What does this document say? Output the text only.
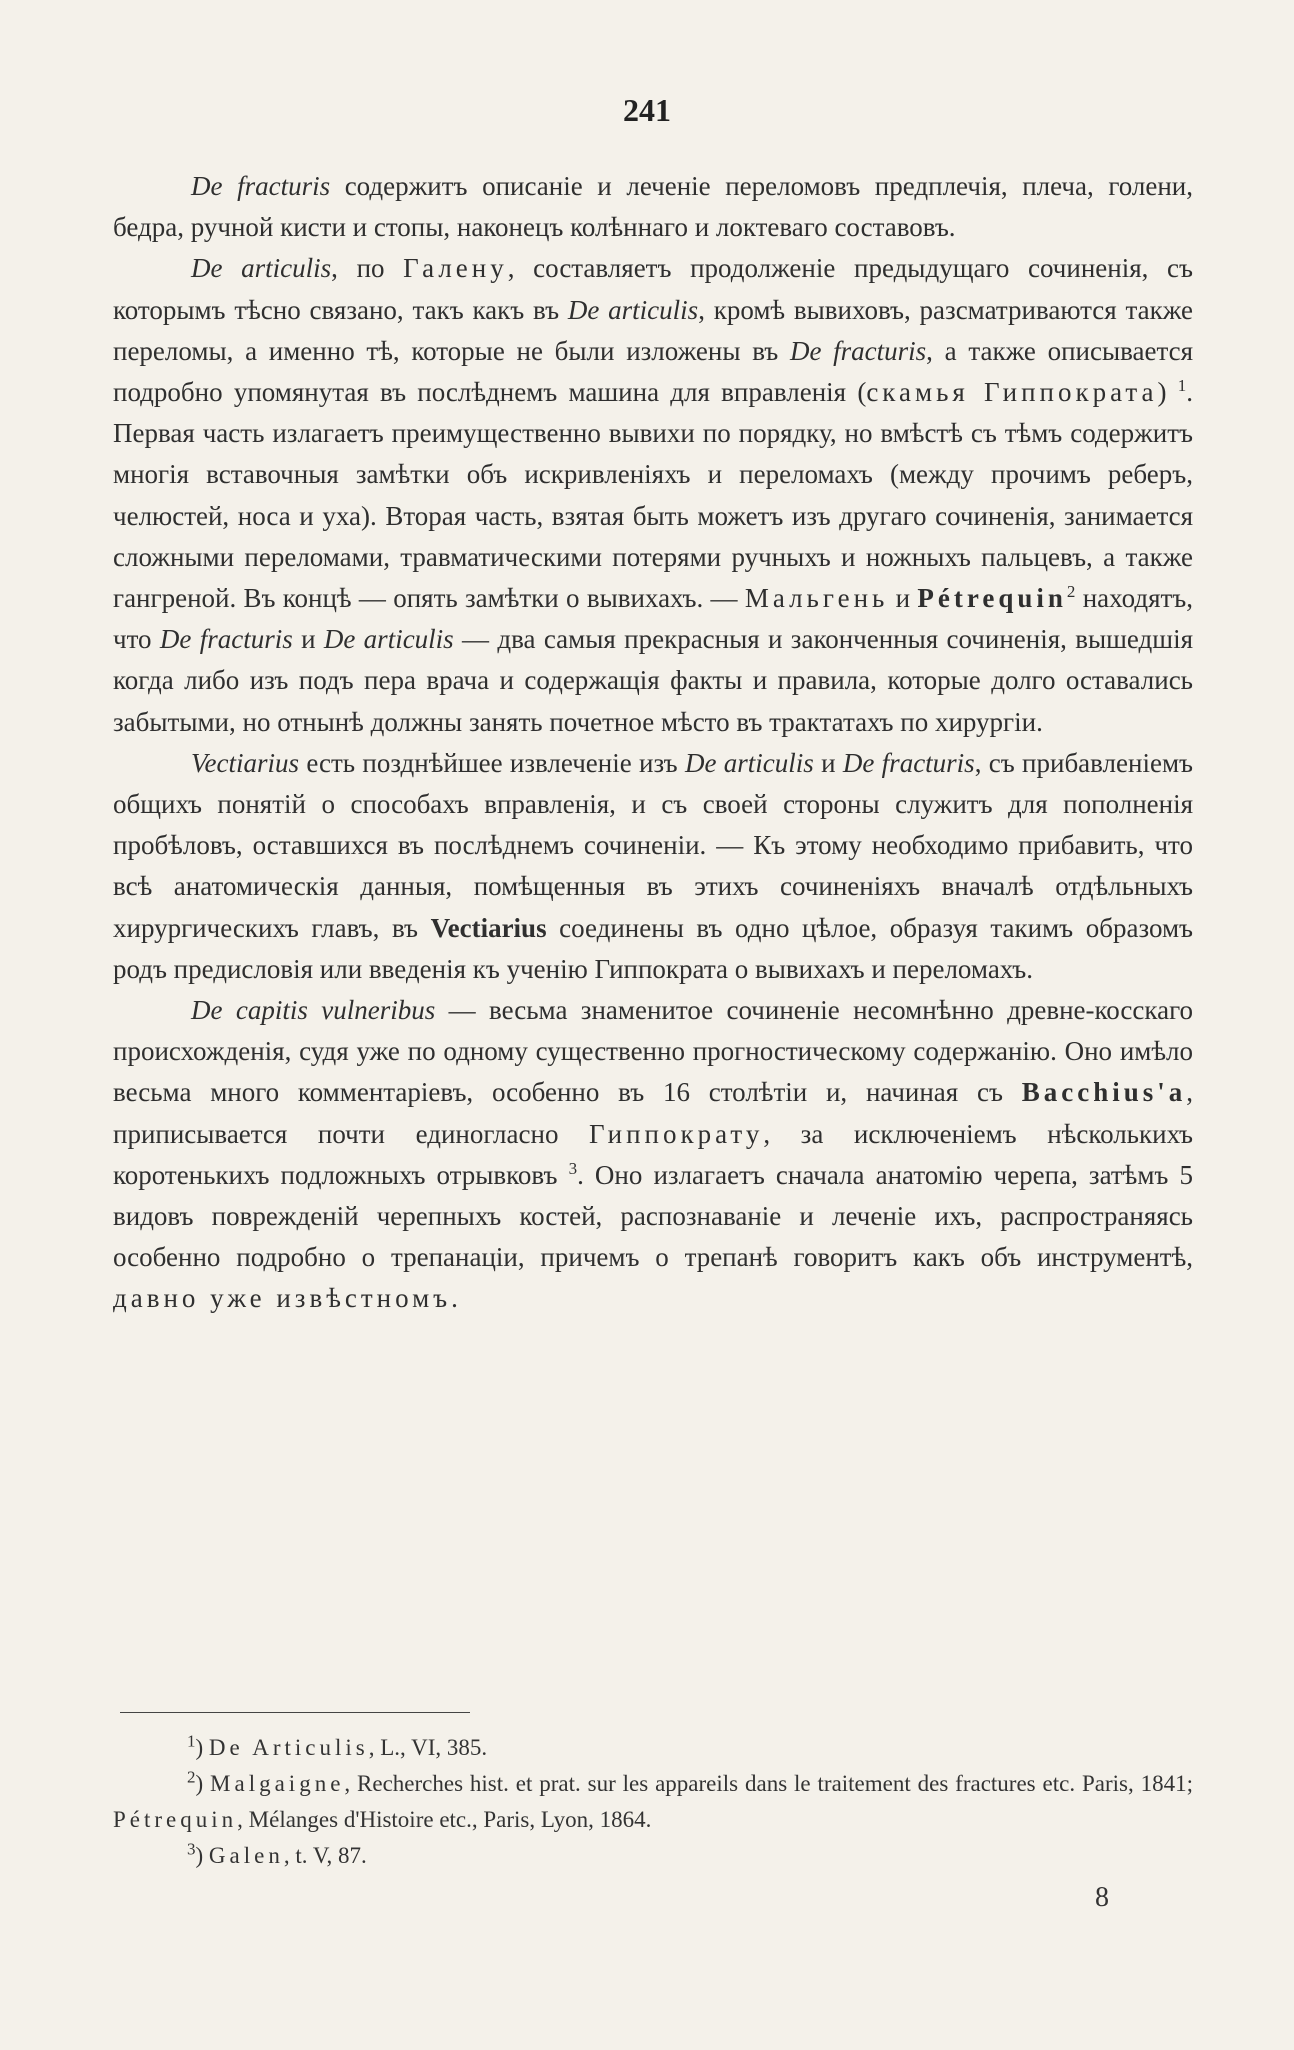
241

De fracturis содержитъ описаніе и леченіе переломовъ предплечія, плеча, голени, бедра, ручной кисти и стопы, наконецъ колѣннаго и локтеваго составовъ.

De articulis, по Галену, составляетъ продолженіе предыдущаго сочиненія, съ которымъ тѣсно связано, такъ какъ въ De articulis, кромѣ вывиховъ, разсматриваются также переломы, а именно тѣ, которые не были изложены въ De fracturis, а также описывается подробно упомянутая въ послѣднемъ машина для вправленія (скамья Гиппократа) $^1$. Первая часть излагаетъ преимущественно вывихи по порядку, но вмѣстѣ съ тѣмъ содержитъ многія вставочныя замѣтки объ искривленіяхъ и переломахъ (между прочимъ реберъ, челюстей, носа и уха). Вторая часть, взятая быть можетъ изъ другаго сочиненія, занимается сложными переломами, травматическими потерями ручныхъ и ножныхъ пальцевъ, а также гангреной. Въ концѣ — опять замѣтки о вывихахъ. — Мальгень и Pétrequin$^2$ находятъ, что De fracturis и De articulis — два самыя прекрасныя и законченныя сочиненія, вышедшія когда либо изъ подъ пера врача и содержащія факты и правила, которые долго оставались забытыми, но отнынѣ должны занять почетное мѣсто въ трактатахъ по хирургіи.

Vectiarius есть позднѣйшее извлеченіе изъ De articulis и De fracturis, съ прибавленіемъ общихъ понятій о способахъ вправленія, и съ своей стороны служитъ для пополненія пробѣловъ, оставшихся въ послѣднемъ сочиненіи. — Къ этому необходимо прибавить, что всѣ анатомическія данныя, помѣщенныя въ этихъ сочиненіяхъ вначалѣ отдѣльныхъ хирургическихъ главъ, въ Vectiarius соединены въ одно цѣлое, образуя такимъ образомъ родъ предисловія или введенія къ ученію Гиппократа о вывихахъ и переломахъ.

De capitis vulneribus — весьма знаменитое сочиненіе несомнѣнно древне-косскаго происхожденія, судя уже по одному существенно прогностическому содержанію. Оно имѣло весьма много комментаріевъ, особенно въ 16 столѣтіи и, начиная съ Bacchius'a, приписывается почти единогласно Гиппократу, за исключеніемъ нѣсколькихъ коротенькихъ подложныхъ отрывковъ $^3$. Оно излагаетъ сначала анатомію черепа, затѣмъ 5 видовъ поврежденій черепныхъ костей, распознаваніе и леченіе ихъ, распространяясь особенно подробно о трепанаціи, причемъ о трепанѣ говоритъ какъ объ инструментѣ, давно уже извѣстномъ.

$^1$) De Articulis, L., VI, 385.

$^2$) Malgaigne, Recherches hist. et prat. sur les appareils dans le traitement des fractures etc. Paris, 1841; Pétrequin, Mélanges d'Histoire etc., Paris, Lyon, 1864.

$^3$) Galen, t. V, 87.

8
